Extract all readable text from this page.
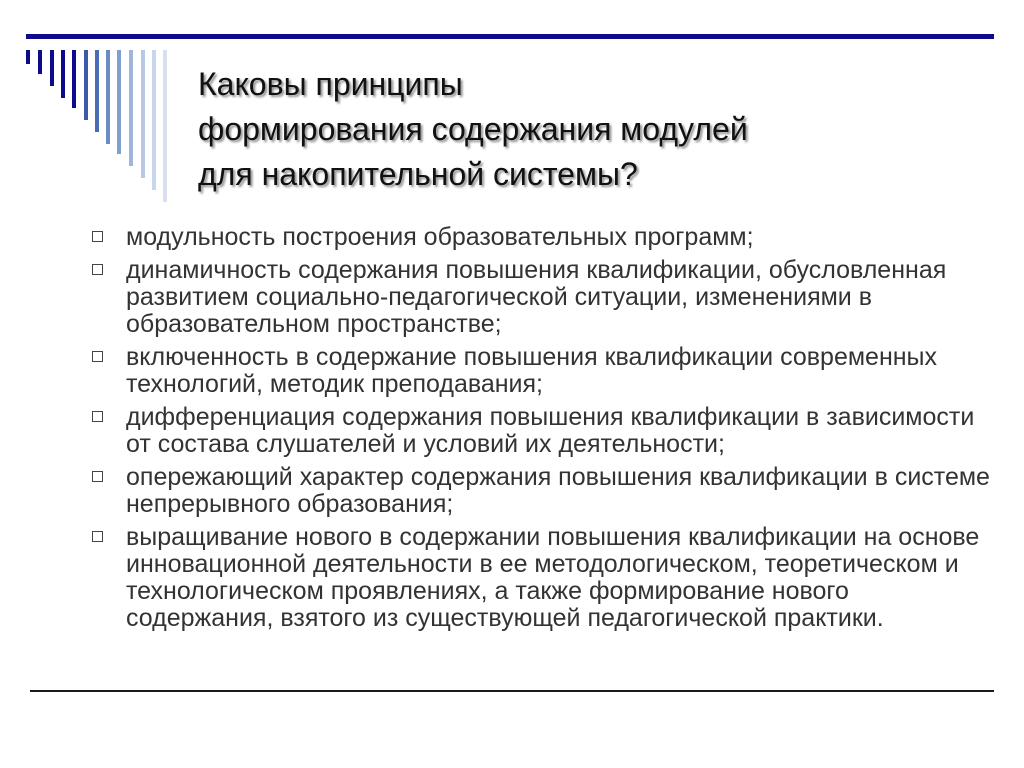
Каковы принципы
формирования содержания модулей
для накопительной системы?
модульность построения образовательных программ;
динамичность содержания повышения квалификации, обусловленная развитием социально-педагогической ситуации, изменениями в образовательном пространстве;
включенность в содержание повышения квалификации современных технологий, методик преподавания;
дифференциация содержания повышения квалификации в зависимости от состава слушателей и условий их деятельности;
опережающий характер содержания повышения квалификации в системе непрерывного образования;
выращивание нового в содержании повышения квалификации на основе инновационной деятельности в ее методологическом, теоретическом и технологическом проявлениях, а также формирование нового содержания, взятого из существующей педагогической практики.
